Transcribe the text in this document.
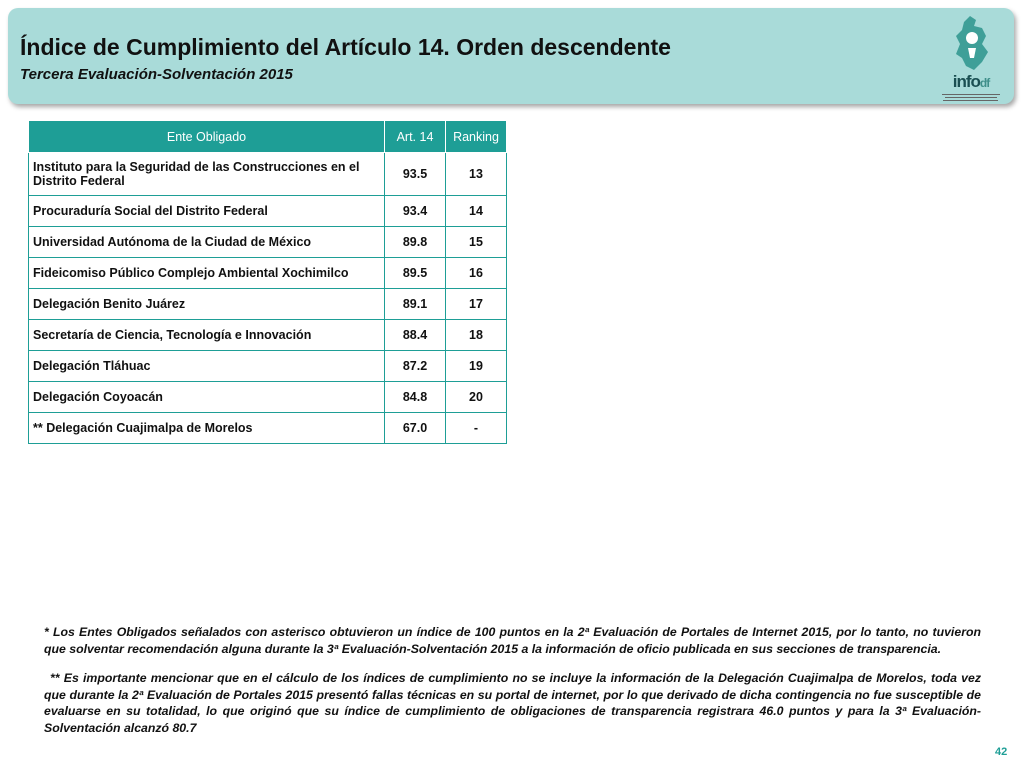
Índice de Cumplimiento del Artículo 14. Orden descendente
Tercera Evaluación-Solventación 2015	infodf
Ente Obligado	Art. 14	Ranking
Instituto para la Seguridad de las Construcciones en el Distrito Federal	93.5	13
Procuraduría Social del Distrito Federal	93.4	14
Universidad Autónoma de la Ciudad de México	89.8	15
Fideicomiso Público Complejo Ambiental Xochimilco	89.5	16
Delegación Benito Juárez	89.1	17
Secretaría de Ciencia, Tecnología e Innovación	88.4	18
Delegación Tláhuac	87.2	19
Delegación Coyoacán	84.8	20
** Delegación Cuajimalpa de Morelos	67.0	-

* Los Entes Obligados señalados con asterisco obtuvieron un índice de 100 puntos en la 2ª Evaluación de Portales de Internet 2015, por lo tanto, no tuvieron que solventar recomendación alguna durante la 3ª Evaluación-Solventación 2015 a la información de oficio publicada en sus secciones de transparencia.

** Es importante mencionar que en el cálculo de los índices de cumplimiento no se incluye la información de la Delegación Cuajimalpa de Morelos, toda vez que durante la 2ª Evaluación de Portales 2015 presentó fallas técnicas en su portal de internet, por lo que derivado de dicha contingencia no fue susceptible de evaluarse en su totalidad, lo que originó que su índice de cumplimiento de obligaciones de transparencia registrara 46.0 puntos y para la 3ª Evaluación-Solventación alcanzó 80.7

42
